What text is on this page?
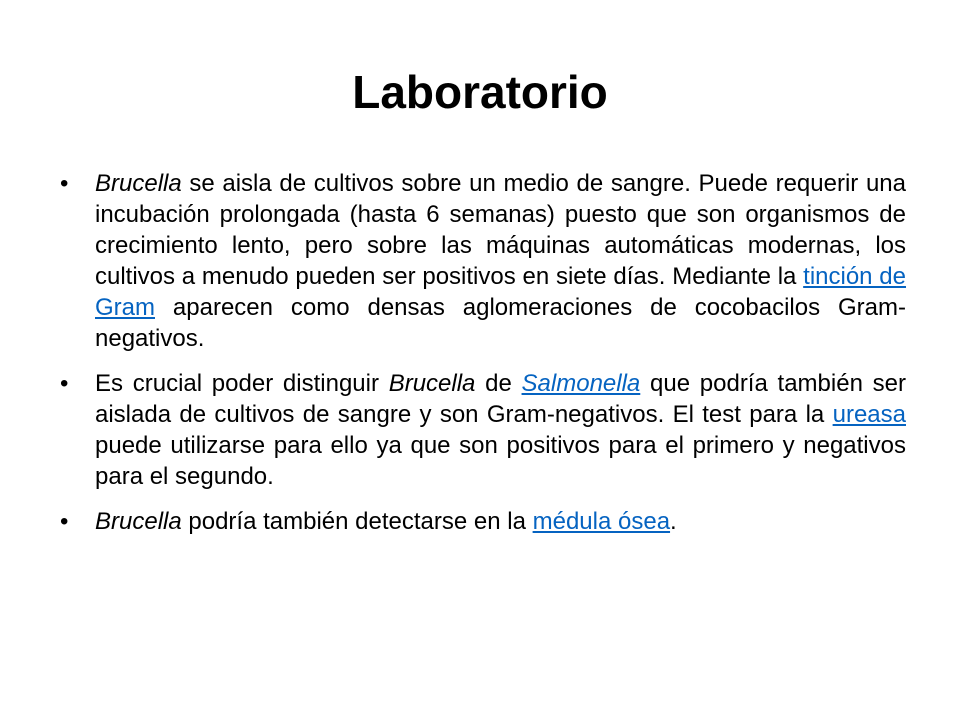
Laboratorio
• Brucella se aisla de cultivos sobre un medio de sangre. Puede requerir una incubación prolongada (hasta 6 semanas) puesto que son organismos de crecimiento lento, pero sobre las máquinas automáticas modernas, los cultivos a menudo pueden ser positivos en siete días. Mediante la tinción de Gram aparecen como densas aglomeraciones de cocobacilos Gram-negativos.
• Es crucial poder distinguir Brucella de Salmonella que podría también ser aislada de cultivos de sangre y son Gram-negativos. El test para la ureasa puede utilizarse para ello ya que son positivos para el primero y negativos para el segundo.
• Brucella podría también detectarse en la médula ósea.
